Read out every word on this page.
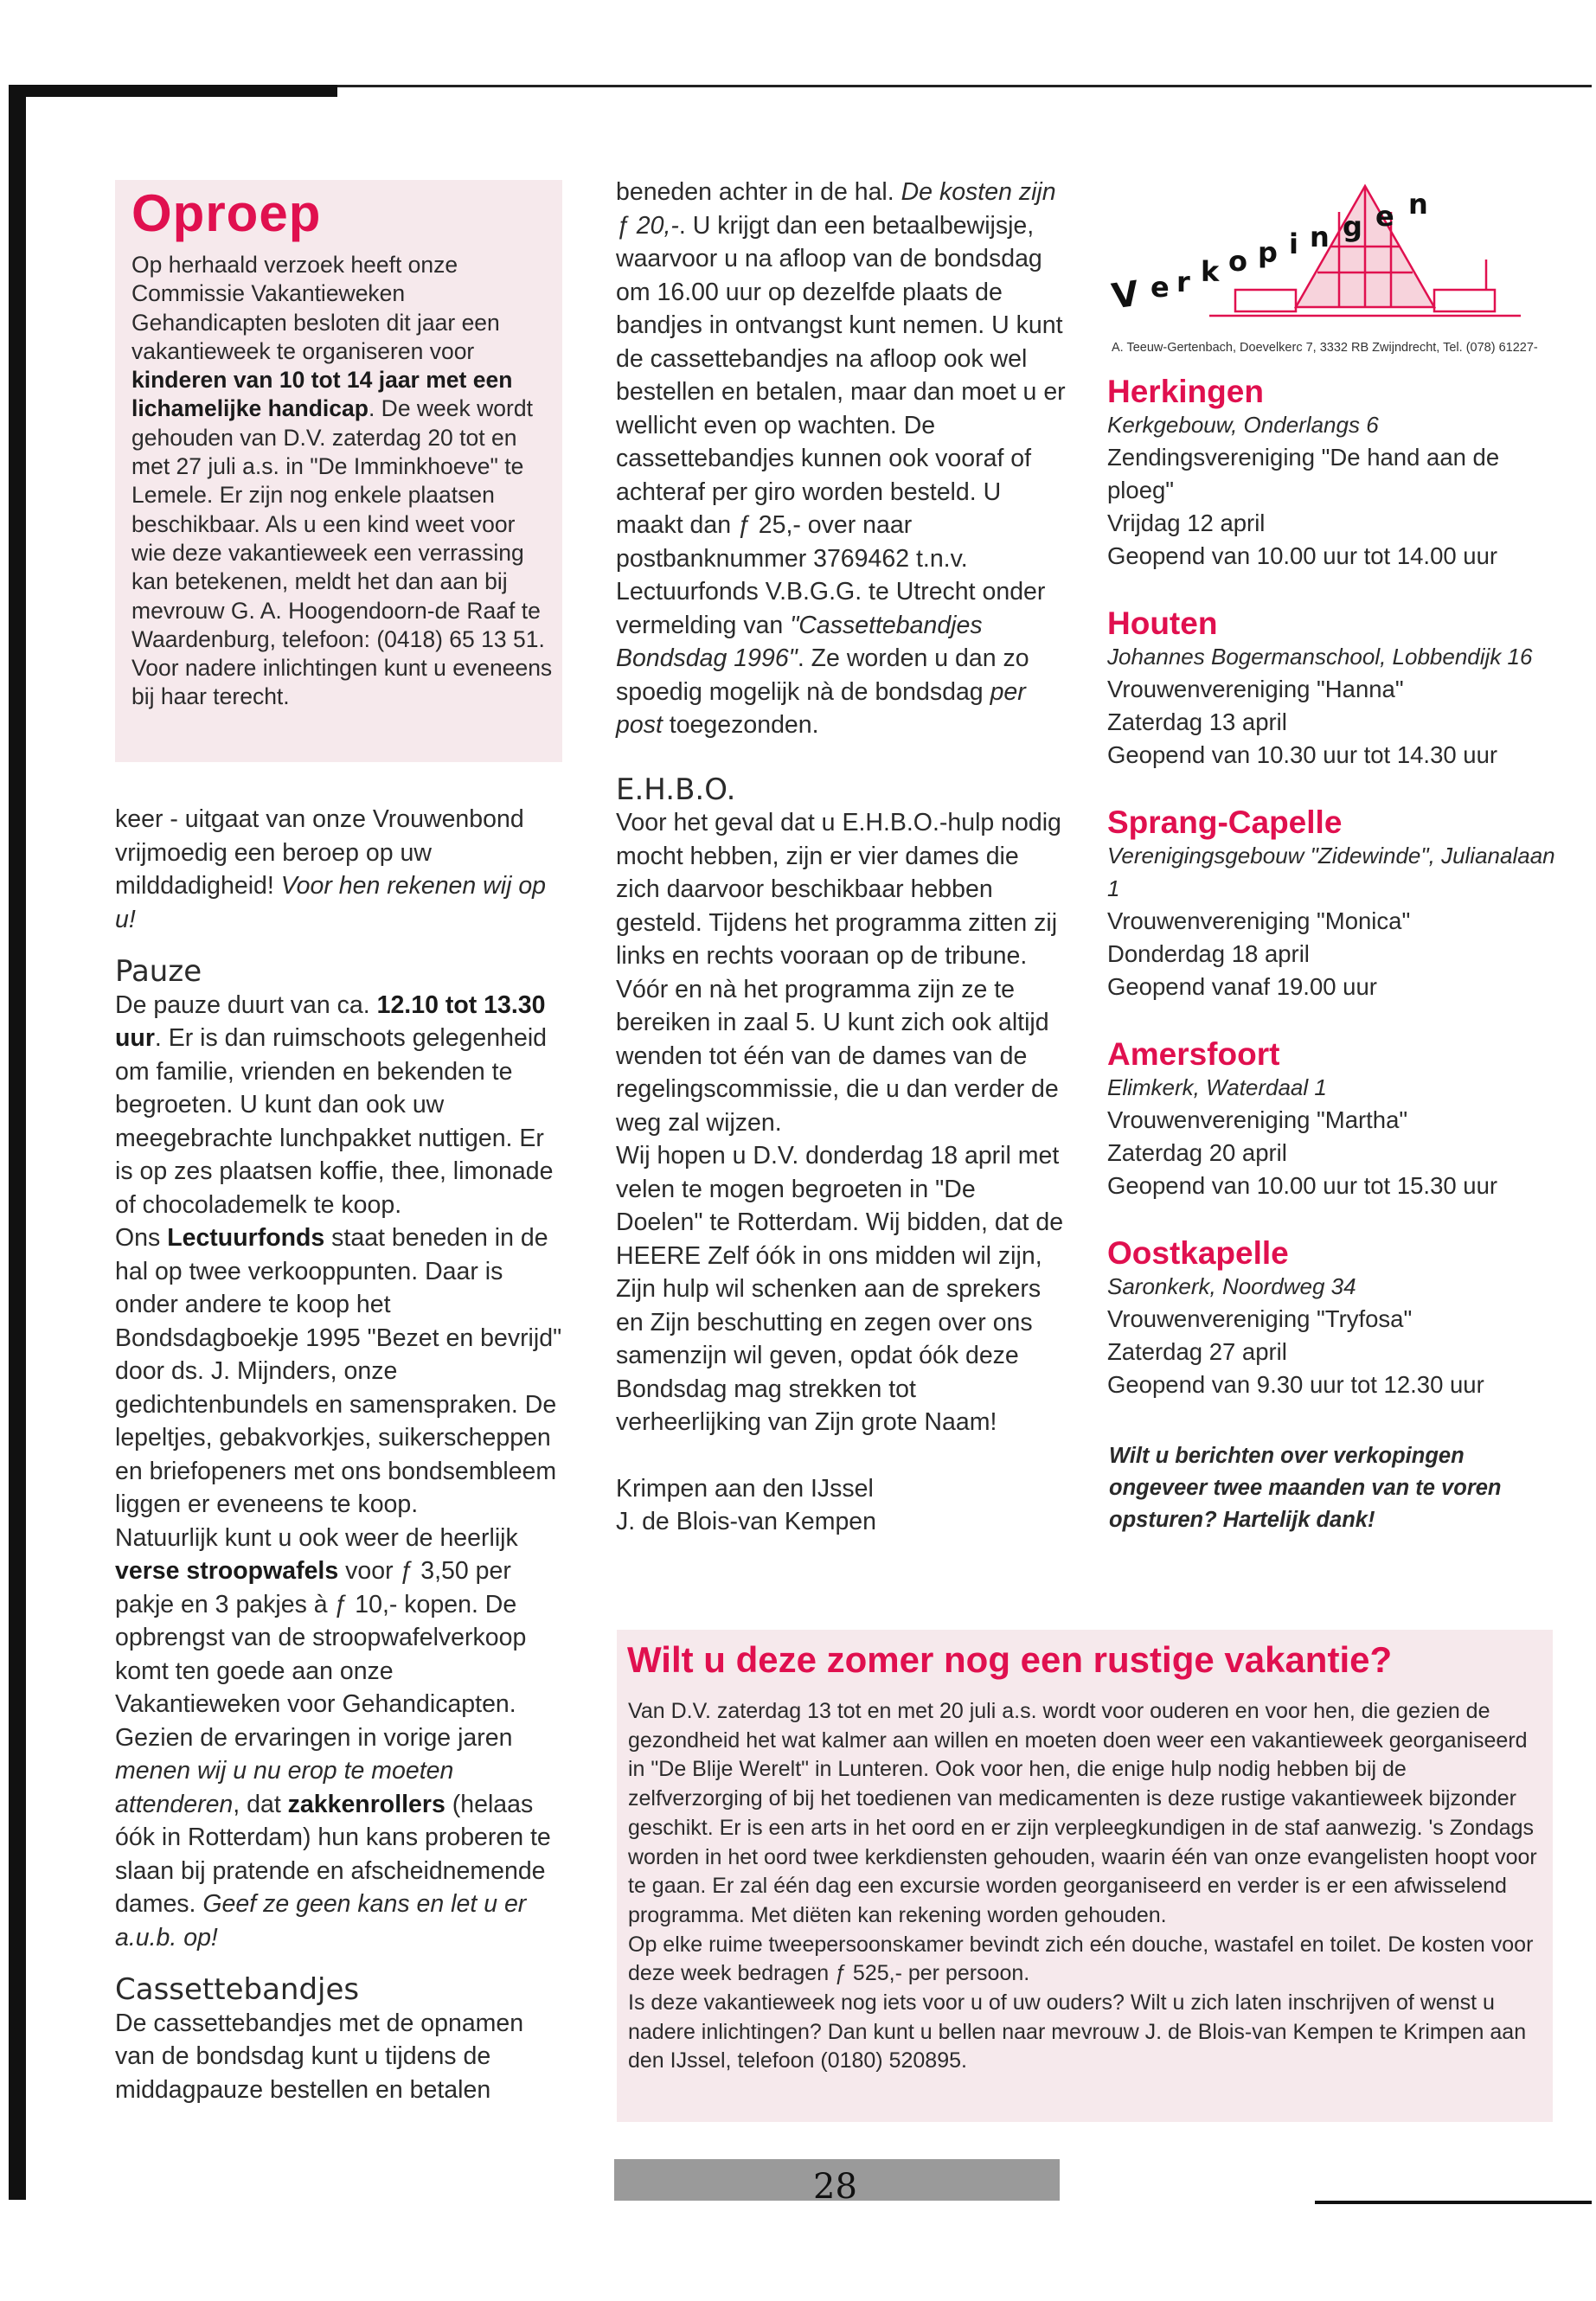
Oproep
Op herhaald verzoek heeft onze Commissie Vakantieweken Gehandicapten besloten dit jaar een vakantieweek te organiseren voor kinderen van 10 tot 14 jaar met een lichamelijke handicap. De week wordt gehouden van D.V. zaterdag 20 tot en met 27 juli a.s. in "De Imminkhoeve" te Lemele. Er zijn nog enkele plaatsen beschikbaar. Als u een kind weet voor wie deze vakantieweek een verrassing kan betekenen, meldt het dan aan bij mevrouw G. A. Hoogendoorn-de Raaf te Waardenburg, telefoon: (0418) 65 13 51. Voor nadere inlichtingen kunt u eveneens bij haar terecht.

keer - uitgaat van onze Vrouwenbond vrijmoedig een beroep op uw milddadigheid! Voor hen rekenen wij op u!

Pauze

De pauze duurt van ca. 12.10 tot 13.30 uur. Er is dan ruimschoots gelegenheid om familie, vrienden en bekenden te begroeten. U kunt dan ook uw meegebrachte lunchpakket nuttigen. Er is op zes plaatsen koffie, thee, limonade of chocolademelk te koop.

Ons Lectuurfonds staat beneden in de hal op twee verkooppunten. Daar is onder andere te koop het Bondsdagboekje 1995 "Bezet en bevrijd" door ds. J. Mijnders, onze gedichtenbundels en samenspraken. De lepeltjes, gebakvorkjes, suikerscheppen en briefopeners met ons bondsembleem liggen er eveneens te koop.

Natuurlijk kunt u ook weer de heerlijk verse stroopwafels voor ƒ 3,50 per pakje en 3 pakjes à ƒ 10,- kopen. De opbrengst van de stroopwafelverkoop komt ten goede aan onze Vakantieweken voor Gehandicapten. Gezien de ervaringen in vorige jaren menen wij u nu erop te moeten attenderen, dat zakkenrollers (helaas óók in Rotterdam) hun kans proberen te slaan bij pratende en afscheidnemende dames. Geef ze geen kans en let u er a.u.b. op!

Cassettebandjes

De cassettebandjes met de opnamen van de bondsdag kunt u tijdens de middagpauze bestellen en betalen

beneden achter in de hal. De kosten zijn ƒ 20,-. U krijgt dan een betaalbewijsje, waarvoor u na afloop van de bondsdag om 16.00 uur op dezelfde plaats de bandjes in ontvangst kunt nemen. U kunt de cassettebandjes na afloop ook wel bestellen en betalen, maar dan moet u er wellicht even op wachten. De cassettebandjes kunnen ook vooraf of achteraf per giro worden besteld. U maakt dan ƒ 25,- over naar postbanknummer 3769462 t.n.v. Lectuurfonds V.B.G.G. te Utrecht onder vermelding van "Cassettebandjes Bondsdag 1996". Ze worden u dan zo spoedig mogelijk nà de bondsdag per post toegezonden.

E.H.B.O.

Voor het geval dat u E.H.B.O.-hulp nodig mocht hebben, zijn er vier dames die zich daarvoor beschikbaar hebben gesteld. Tijdens het programma zitten zij links en rechts vooraan op de tribune. Vóór en nà het programma zijn ze te bereiken in zaal 5. U kunt zich ook altijd wenden tot één van de dames van de regelingscommissie, die u dan verder de weg zal wijzen.

Wij hopen u D.V. donderdag 18 april met velen te mogen begroeten in "De Doelen" te Rotterdam. Wij bidden, dat de HEERE Zelf óók in ons midden wil zijn, Zijn hulp wil schenken aan de sprekers en Zijn beschutting en zegen over ons samenzijn wil geven, opdat óók deze Bondsdag mag strekken tot verheerlijking van Zijn grote Naam!

Krimpen aan den IJssel

J. de Blois-van Kempen

V e r k o p i n g e n
A. Teeuw-Gertenbach, Doevelkerc 7, 3332 RB Zwijndrecht, Tel. (078) 61227-
Herkingen
Kerkgebouw, Onderlangs 6
Zendingsvereniging "De hand aan de ploeg"
Vrijdag 12 april
Geopend van 10.00 uur tot 14.00 uur
Houten
Johannes Bogermanschool, Lobbendijk 16
Vrouwenvereniging "Hanna"
Zaterdag 13 april
Geopend van 10.30 uur tot 14.30 uur
Sprang-Capelle
Verenigingsgebouw "Zidewinde", Julianalaan 1
Vrouwenvereniging "Monica"
Donderdag 18 april
Geopend vanaf 19.00 uur
Amersfoort
Elimkerk, Waterdaal 1
Vrouwenvereniging "Martha"
Zaterdag 20 april
Geopend van 10.00 uur tot 15.30 uur
Oostkapelle
Saronkerk, Noordweg 34
Vrouwenvereniging "Tryfosa"
Zaterdag 27 april
Geopend van 9.30 uur tot 12.30 uur
Wilt u berichten over verkopingen ongeveer twee maanden van te voren opsturen? Hartelijk dank!
Wilt u deze zomer nog een rustige vakantie?
Van D.V. zaterdag 13 tot en met 20 juli a.s. wordt voor ouderen en voor hen, die gezien de gezondheid het wat kalmer aan willen en moeten doen weer een vakantieweek georganiseerd in "De Blije Werelt" in Lunteren. Ook voor hen, die enige hulp nodig hebben bij de zelfverzorging of bij het toedienen van medicamenten is deze rustige vakantieweek bijzonder geschikt. Er is een arts in het oord en er zijn verpleegkundigen in de staf aanwezig. 's Zondags worden in het oord twee kerkdiensten gehouden, waarin één van onze evangelisten hoopt voor te gaan. Er zal één dag een excursie worden georganiseerd en verder is er een afwisselend programma. Met diëten kan rekening worden gehouden.
Op elke ruime tweepersoonskamer bevindt zich eén douche, wastafel en toilet. De kosten voor deze week bedragen ƒ 525,- per persoon.
Is deze vakantieweek nog iets voor u of uw ouders? Wilt u zich laten inschrijven of wenst u nadere inlichtingen? Dan kunt u bellen naar mevrouw J. de Blois-van Kempen te Krimpen aan den IJssel, telefoon (0180) 520895.
28
